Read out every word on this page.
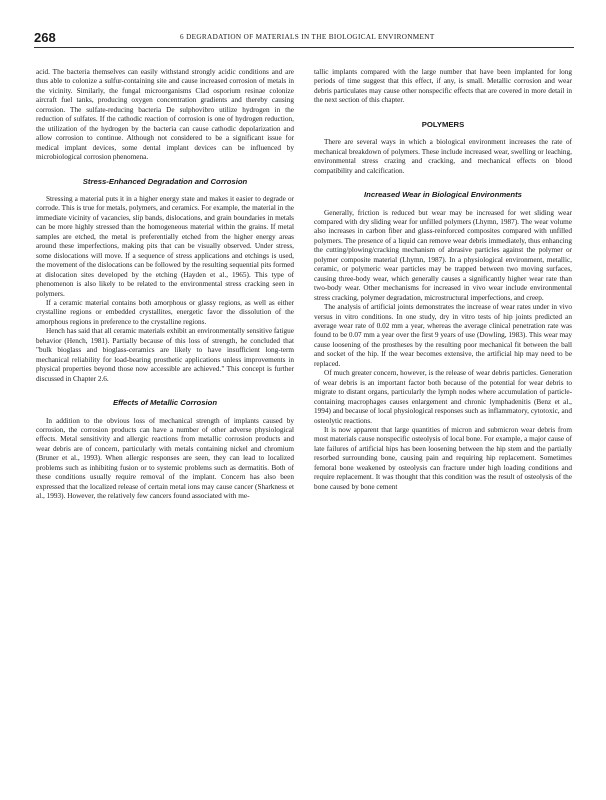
268	6 DEGRADATION OF MATERIALS IN THE BIOLOGICAL ENVIRONMENT

acid. The bacteria themselves can easily withstand strongly acidic conditions and are thus able to colonize a sulfur-containing site and cause increased corrosion of metals in the vicinity. Similarly, the fungal microorganisms Clad osporium resinae colonize aircraft fuel tanks, producing oxygen concentration gradients and thereby causing corrosion. The sulfate-reducing bacteria De sulphovibro utilize hydrogen in the reduction of sulfates. If the cathodic reaction of corrosion is one of hydrogen reduction, the utilization of the hydrogen by the bacteria can cause cathodic depolarization and allow corrosion to continue. Although not considered to be a significant issue for medical implant devices, some dental implant devices can be influenced by microbiological corrosion phenomena.

Stress-Enhanced Degradation and Corrosion

Stressing a material puts it in a higher energy state and makes it easier to degrade or corrode. This is true for metals, polymers, and ceramics. For example, the material in the immediate vicinity of vacancies, slip bands, dislocations, and grain boundaries in metals can be more highly stressed than the homogeneous material within the grains. If metal samples are etched, the metal is preferentially etched from the higher energy areas around these imperfections, making pits that can be visually observed. Under stress, some dislocations will move. If a sequence of stress applications and etchings is used, the movement of the dislocations can be followed by the resulting sequential pits formed at dislocation sites developed by the etching (Hayden et al., 1965). This type of phenomenon is also likely to be related to the environmental stress cracking seen in polymers.

If a ceramic material contains both amorphous or glassy regions, as well as either crystalline regions or embedded crystallites, energetic favor the dissolution of the amorphous regions in preference to the crystalline regions.

Hench has said that all ceramic materials exhibit an environmentally sensitive fatigue behavior (Hench, 1981). Partially because of this loss of strength, he concluded that "bulk bioglass and bioglass-ceramics are likely to have insufficient long-term mechanical reliability for load-bearing prosthetic applications unless improvements in physical properties beyond those now accessible are achieved." This concept is further discussed in Chapter 2.6.

Effects of Metallic Corrosion

In addition to the obvious loss of mechanical strength of implants caused by corrosion, the corrosion products can have a number of other adverse physiological effects. Metal sensitivity and allergic reactions from metallic corrosion products and wear debris are of concern, particularly with metals containing nickel and chromium (Bruner et al., 1993). When allergic responses are seen, they can lead to localized problems such as inhibiting fusion or to systemic problems such as dermatitis. Both of these conditions usually require removal of the implant. Concern has also been expressed that the localized release of certain metal ions may cause cancer (Sharkness et al., 1993). However, the relatively few cancers found associated with me-

tallic implants compared with the large number that have been implanted for long periods of time suggest that this effect, if any, is small. Metallic corrosion and wear debris particulates may cause other nonspecific effects that are covered in more detail in the next section of this chapter.

POLYMERS

There are several ways in which a biological environment increases the rate of mechanical breakdown of polymers. These include increased wear, swelling or leaching, environmental stress crazing and cracking, and mechanical effects on blood compatibility and calcification.

Increased Wear in Biological Environments

Generally, friction is reduced but wear may be increased for wet sliding wear compared with dry sliding wear for unfilled polymers (Lhymn, 1987). The wear volume also increases in carbon fiber and glass-reinforced composites compared with unfilled polymers. The presence of a liquid can remove wear debris immediately, thus enhancing the cutting/plowing/cracking mechanism of abrasive particles against the polymer or polymer composite material (Lhymn, 1987). In a physiological environment, metallic, ceramic, or polymeric wear particles may be trapped between two moving surfaces, causing three-body wear, which generally causes a significantly higher wear rate than two-body wear. Other mechanisms for increased in vivo wear include environmental stress cracking, polymer degradation, microstructural imperfections, and creep.

The analysis of artificial joints demonstrates the increase of wear rates under in vivo versus in vitro conditions. In one study, dry in vitro tests of hip joints predicted an average wear rate of 0.02 mm a year, whereas the average clinical penetration rate was found to be 0.07 mm a year over the first 9 years of use (Dowling, 1983). This wear may cause loosening of the prostheses by the resulting poor mechanical fit between the ball and socket of the hip. If the wear becomes extensive, the artificial hip may need to be replaced.

Of much greater concern, however, is the release of wear debris particles. Generation of wear debris is an important factor both because of the potential for wear debris to migrate to distant organs, particularly the lymph nodes where accumulation of particle-containing macrophages causes enlargement and chronic lymphadenitis (Benz et al., 1994) and because of local physiological responses such as inflammatory, cytotoxic, and osteolytic reactions.

It is now apparent that large quantities of micron and submicron wear debris from most materials cause nonspecific osteolysis of local bone. For example, a major cause of late failures of artificial hips has been loosening between the hip stem and the partially resorbed surrounding bone, causing pain and requiring hip replacement. Sometimes femoral bone weakened by osteolysis can fracture under high loading conditions and require replacement. It was thought that this condition was the result of osteolysis of the bone caused by bone cement
